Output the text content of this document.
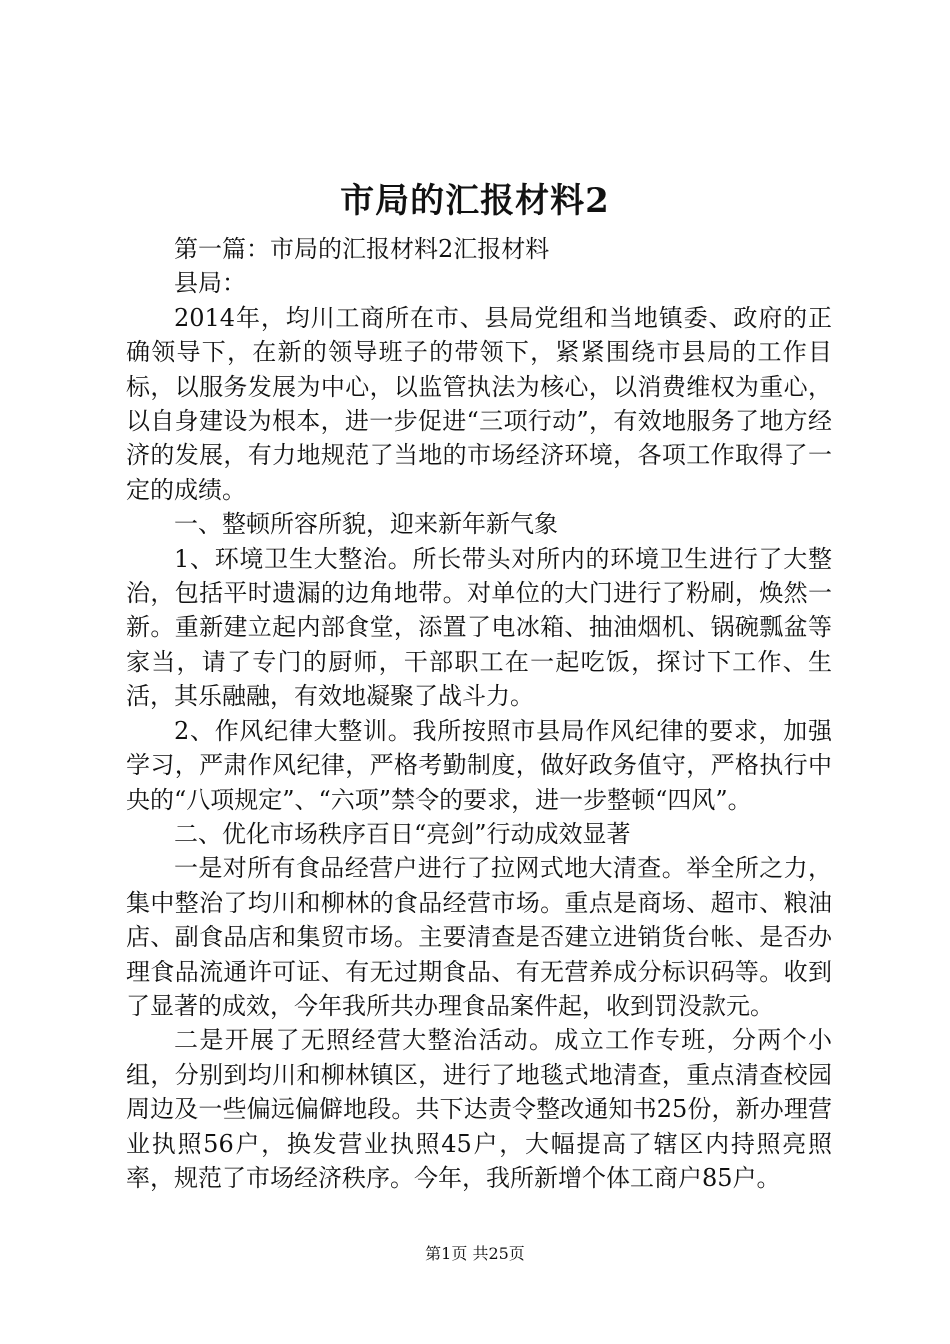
市局的汇报材料2

第一篇：市局的汇报材料2汇报材料

县局：

2014年，均川工商所在市、县局党组和当地镇委、政府的正确领导下，在新的领导班子的带领下，紧紧围绕市县局的工作目标，以服务发展为中心，以监管执法为核心，以消费维权为重心，以自身建设为根本，进一步促进“三项行动”，有效地服务了地方经济的发展，有力地规范了当地的市场经济环境，各项工作取得了一定的成绩。

一、整顿所容所貌，迎来新年新气象

1、环境卫生大整治。所长带头对所内的环境卫生进行了大整治，包括平时遗漏的边角地带。对单位的大门进行了粉刷，焕然一新。重新建立起内部食堂，添置了电冰箱、抽油烟机、锅碗瓢盆等家当，请了专门的厨师，干部职工在一起吃饭，探讨下工作、生活，其乐融融，有效地凝聚了战斗力。

2、作风纪律大整训。我所按照市县局作风纪律的要求，加强学习，严肃作风纪律，严格考勤制度，做好政务值守，严格执行中央的“八项规定”、“六项”禁令的要求，进一步整顿“四风”。

二、优化市场秩序百日“亮剑”行动成效显著

一是对所有食品经营户进行了拉网式地大清查。举全所之力，集中整治了均川和柳林的食品经营市场。重点是商场、超市、粮油店、副食品店和集贸市场。主要清查是否建立进销货台帐、是否办理食品流通许可证、有无过期食品、有无营养成分标识码等。收到了显著的成效，今年我所共办理食品案件起，收到罚没款元。

二是开展了无照经营大整治活动。成立工作专班，分两个小组，分别到均川和柳林镇区，进行了地毯式地清查，重点清查校园周边及一些偏远偏僻地段。共下达责令整改通知书25份，新办理营业执照56户，换发营业执照45户，大幅提高了辖区内持照亮照率，规范了市场经济秩序。今年，我所新增个体工商户85户。

第1页 共25页
